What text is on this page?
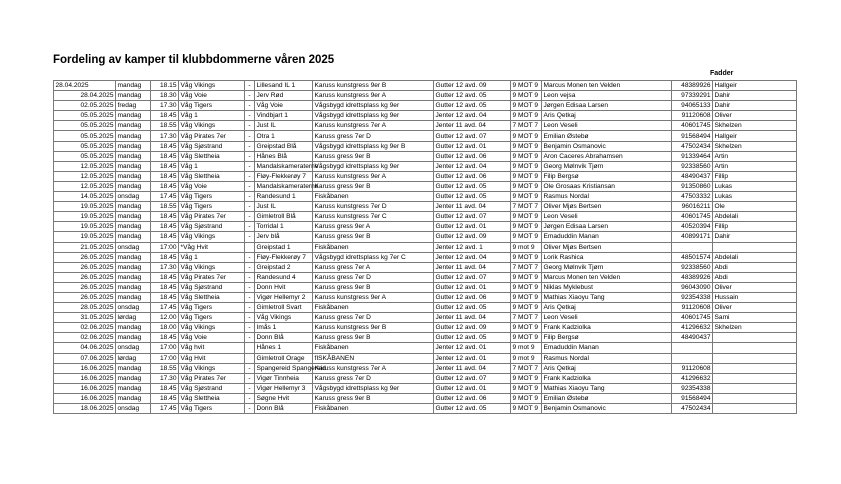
Fordeling av kamper til klubbdommerne våren 2025
Fadder
28.04.2025	mandag	18.15	Våg Vikings	-	Lillesand IL 1	Karuss kunstgress 9er B	Gutter 12 avd. 09	9 MOT 9	Marcus Monen ten Velden	48389926	Hallgeir
28.04.2025	mandag	18.30	Våg Voie	-	Jerv Rød	Karuss kunstgress 9er A	Gutter 12 avd. 05	9 MOT 9	Leon vejsa	97339291	Dahir
02.05.2025	fredag	17.30	Våg Tigers	-	Våg Voie	Vågsbygd idrettsplass kg 9er	Gutter 12 avd. 05	9 MOT 9	Jørgen Edisaa Larsen	94065133	Dahir
05.05.2025	mandag	18.45	Våg 1	-	Vindbjart 1	Vågsbygd idrettsplass kg 9er	Jenter 12 avd. 04	9 MOT 9	Aris Qetkaj	91120608	Oliver
05.05.2025	mandag	18.55	Våg Vikings	-	Just IL	Karuss kunstgress 7er A	Jenter 11 avd. 04	7 MOT 7	Leon Veseli	40601745	Skhelzen
05.05.2025	mandag	17.30	Våg Pirates 7er	-	Otra 1	Karuss gress 7er D	Gutter 12 avd. 07	9 MOT 9	Emilian Østebø	91568494	Hallgeir
05.05.2025	mandag	18.45	Våg Sjøstrand	-	Greipstad Blå	Vågsbygd idrettsplass kg 9er B	Gutter 12 avd. 01	9 MOT 9	Benjamin Osmanovic	47502434	Skhelzen
05.05.2025	mandag	18.45	Våg Slettheia	-	Hånes Blå	Karuss gress 9er B	Gutter 12 avd. 06	9 MOT 9	Aron Caceres Abrahamsen	91339464	Artin
12.05.2025	mandag	18.45	Våg 1	-	Mandalskameraterne	Vågsbygd idrettsplass kg 9er	Jenter 12 avd. 04	9 MOT 9	Georg Mølnvik Tjørn	92338560	Artin
12.05.2025	mandag	18.45	Våg Slettheia	-	Fløy-Flekkerøy 7	Karuss kunstgress 9er A	Gutter 12 avd. 06	9 MOT 9	Filip Bergsø	48490437	Fillip
12.05.2025	mandag	18.45	Våg Voie	-	Mandalskameraterne	Karuss gress 9er B	Gutter 12 avd. 05	9 MOT 9	Ole Grosaas Kristiansan	91350860	Lukas
14.05.2025	onsdag	17.45	Våg Tigers	-	Randesund 1	Fiskåbanen	Gutter 12 avd. 05	9 MOT 9	Rasmus Nordal	47503332	Lukas
19.05.2025	mandag	18.55	Våg Tigers	-	Just IL	Karuss kunstgress 7er D	Jenter 11 avd. 04	7 MOT 7	Oliver Mjøs Bertsen	96016211	Ole
19.05.2025	mandag	18.45	Våg Pirates 7er	-	Gimletroll Blå	Karuss kunstgress 7er C	Gutter 12 avd. 07	9 MOT 9	Leon Veseli	40601745	Abdelali
19.05.2025	mandag	18.45	Våg Sjøstrand	-	Torridal 1	Karuss gress 9er A	Gutter 12 avd. 01	9 MOT 9	Jørgen Edisaa Larsen	40520394	Fillip
19.05.2025	mandag	18.45	Våg Vikings	-	Jerv blå	Karuss gress 9er B	Gutter 12 avd. 09	9 MOT 9	Emaduddin Manan	40899171	Dahir
21.05.2025	onsdag	17:00	*Våg Hvit		Greipstad 1	Fiskåbanen	Jenter 12 avd. 1	9 mot 9	Oliver Mjøs Bertsen		
26.05.2025	mandag	18.45	Våg 1	-	Fløy-Flekkerøy 7	Vågsbygd idrettsplass kg 7er C	Jenter 12 avd. 04	9 MOT 9	Lorik Rashica	48501574	Abdelali
26.05.2025	mandag	17.30	Våg Vikings	-	Greipstad 2	Karuss gress 7er A	Jenter 11 avd. 04	7 MOT 7	Georg Mølnvik Tjørn	92338560	Abdi
26.05.2025	mandag	18.45	Våg Pirates 7er	-	Randesund 4	Karuss gress 7er D	Gutter 12 avd. 07	9 MOT 9	Marcus Monen ten Velden	48389926	Abdi
26.05.2025	mandag	18.45	Våg Sjøstrand	-	Donn Hvit	Karuss gress 9er B	Gutter 12 avd. 01	9 MOT 9	Niklas Myklebust	96043090	Oliver
26.05.2025	mandag	18.45	Våg Slettheia	-	Vigør Hellemyr 2	Karuss kunstgress 9er A	Gutter 12 avd. 06	9 MOT 9	Mathias Xiaoyu Tang	92354338	Hussain
28.05.2025	onsdag	17.45	Våg Tigers	-	Gimletroll Svart	Fiskåbanen	Gutter 12 avd. 05	9 MOT 9	Aris Qetkaj	91120608	Oliver
31.05.2025	lørdag	12.00	Våg Tigers	-	Våg Vikings	Karuss gress 7er D	Jenter 11 avd. 04	7 MOT 7	Leon Veseli	40601745	Sami
02.06.2025	mandag	18.00	Våg Vikings	-	Imås 1	Karuss kunstgress 9er B	Gutter 12 avd. 09	9 MOT 9	Frank Kadziolka	41296632	Skhelzen
02.06.2025	mandag	18.45	Våg Voie	-	Donn Blå	Karuss gress 9er B	Gutter 12 avd. 05	9 MOT 9	Filip Bergsø	48490437	
04.06.2025	onsdag	17:00	Våg hvit		Hånes 1	Fiskåbanen	Jenter 12 avd. 01	9 mot 9	Emaduddin Manan		
07.06.2025	lørdag	17:00	Våg Hvit		Gimletroll Orage	fISKÅBANEN	Jenter 12 avd. 01	9 mot 9	Rasmus Nordal		
16.06.2025	mandag	18.55	Våg Vikings	-	Spangereid Spangereid	Karuss kunstgress 7er A	Jenter 11 avd. 04	7 MOT 7	Aris Qetkaj	91120608	
16.06.2025	mandag	17.30	Våg Pirates 7er	-	Vigør Tinnheia	Karuss gress 7er D	Gutter 12 avd. 07	9 MOT 9	Frank Kadziolka	41296632	
16.06.2025	mandag	18.45	Våg Sjøstrand	-	Vigør Hellemyr 3	Vågsbygd idrettsplass kg 9er	Gutter 12 avd. 01	9 MOT 9	Mathias Xiaoyu Tang	92354338	
16.06.2025	mandag	18.45	Våg Slettheia	-	Søgne Hvit	Karuss gress 9er B	Gutter 12 avd. 06	9 MOT 9	Emilian Østebø	91568494	
18.06.2025	onsdag	17.45	Våg Tigers	-	Donn Blå	Fiskåbanen	Gutter 12 avd. 05	9 MOT 9	Benjamin Osmanovic	47502434	
